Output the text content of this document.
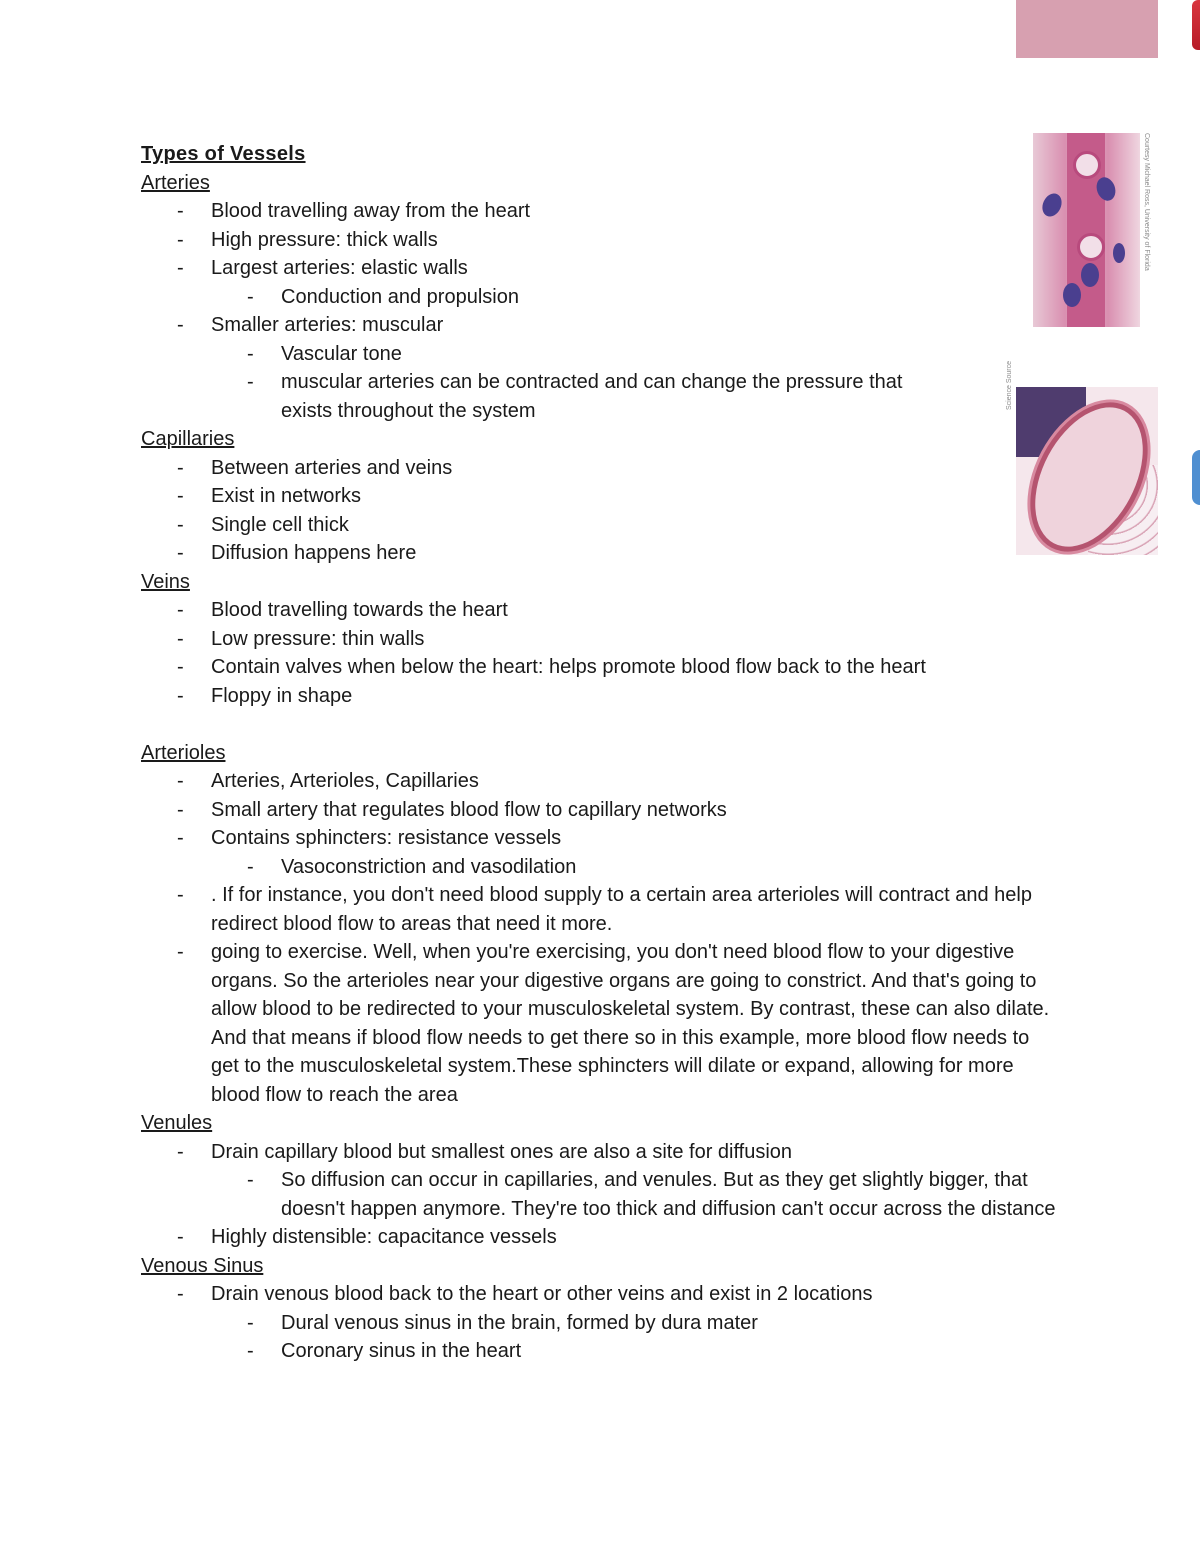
Types of Vessels
Arteries
- Blood travelling away from the heart
- High pressure: thick walls
- Largest arteries: elastic walls
- Conduction and propulsion
- Smaller arteries: muscular
- Vascular tone
- muscular arteries can be contracted and can change the pressure that exists throughout the system
Capillaries
- Between arteries and veins
- Exist in networks
- Single cell thick
- Diffusion happens here
Veins
- Blood travelling towards the heart
- Low pressure: thin walls
- Contain valves when below the heart: helps promote blood flow back to the heart
- Floppy in shape
Arterioles
- Arteries, Arterioles, Capillaries
- Small artery that regulates blood flow to capillary networks
- Contains sphincters: resistance vessels
- Vasoconstriction and vasodilation
- . If for instance, you don't need blood supply to a certain area arterioles will contract and help redirect blood flow to areas that need it more.
- going to exercise. Well, when you're exercising, you don't need blood flow to your digestive organs. So the arterioles near your digestive organs are going to constrict. And that's going to allow blood to be redirected to your musculoskeletal system. By contrast, these can also dilate. And that means if blood flow needs to get there so in this example, more blood flow needs to get to the musculoskeletal system.These sphincters will dilate or expand, allowing for more blood flow to reach the area
Venules
- Drain capillary blood but smallest ones are also a site for diffusion
- So diffusion can occur in capillaries, and venules. But as they get slightly bigger, that doesn't happen anymore. They're too thick and diffusion can't occur across the distance
- Highly distensible: capacitance vessels
Venous Sinus
- Drain venous blood back to the heart or other veins and exist in 2 locations
- Dural venous sinus in the brain, formed by dura mater
- Coronary sinus in the heart
Courtesy Michael Ross, University of Florida
Science Source
